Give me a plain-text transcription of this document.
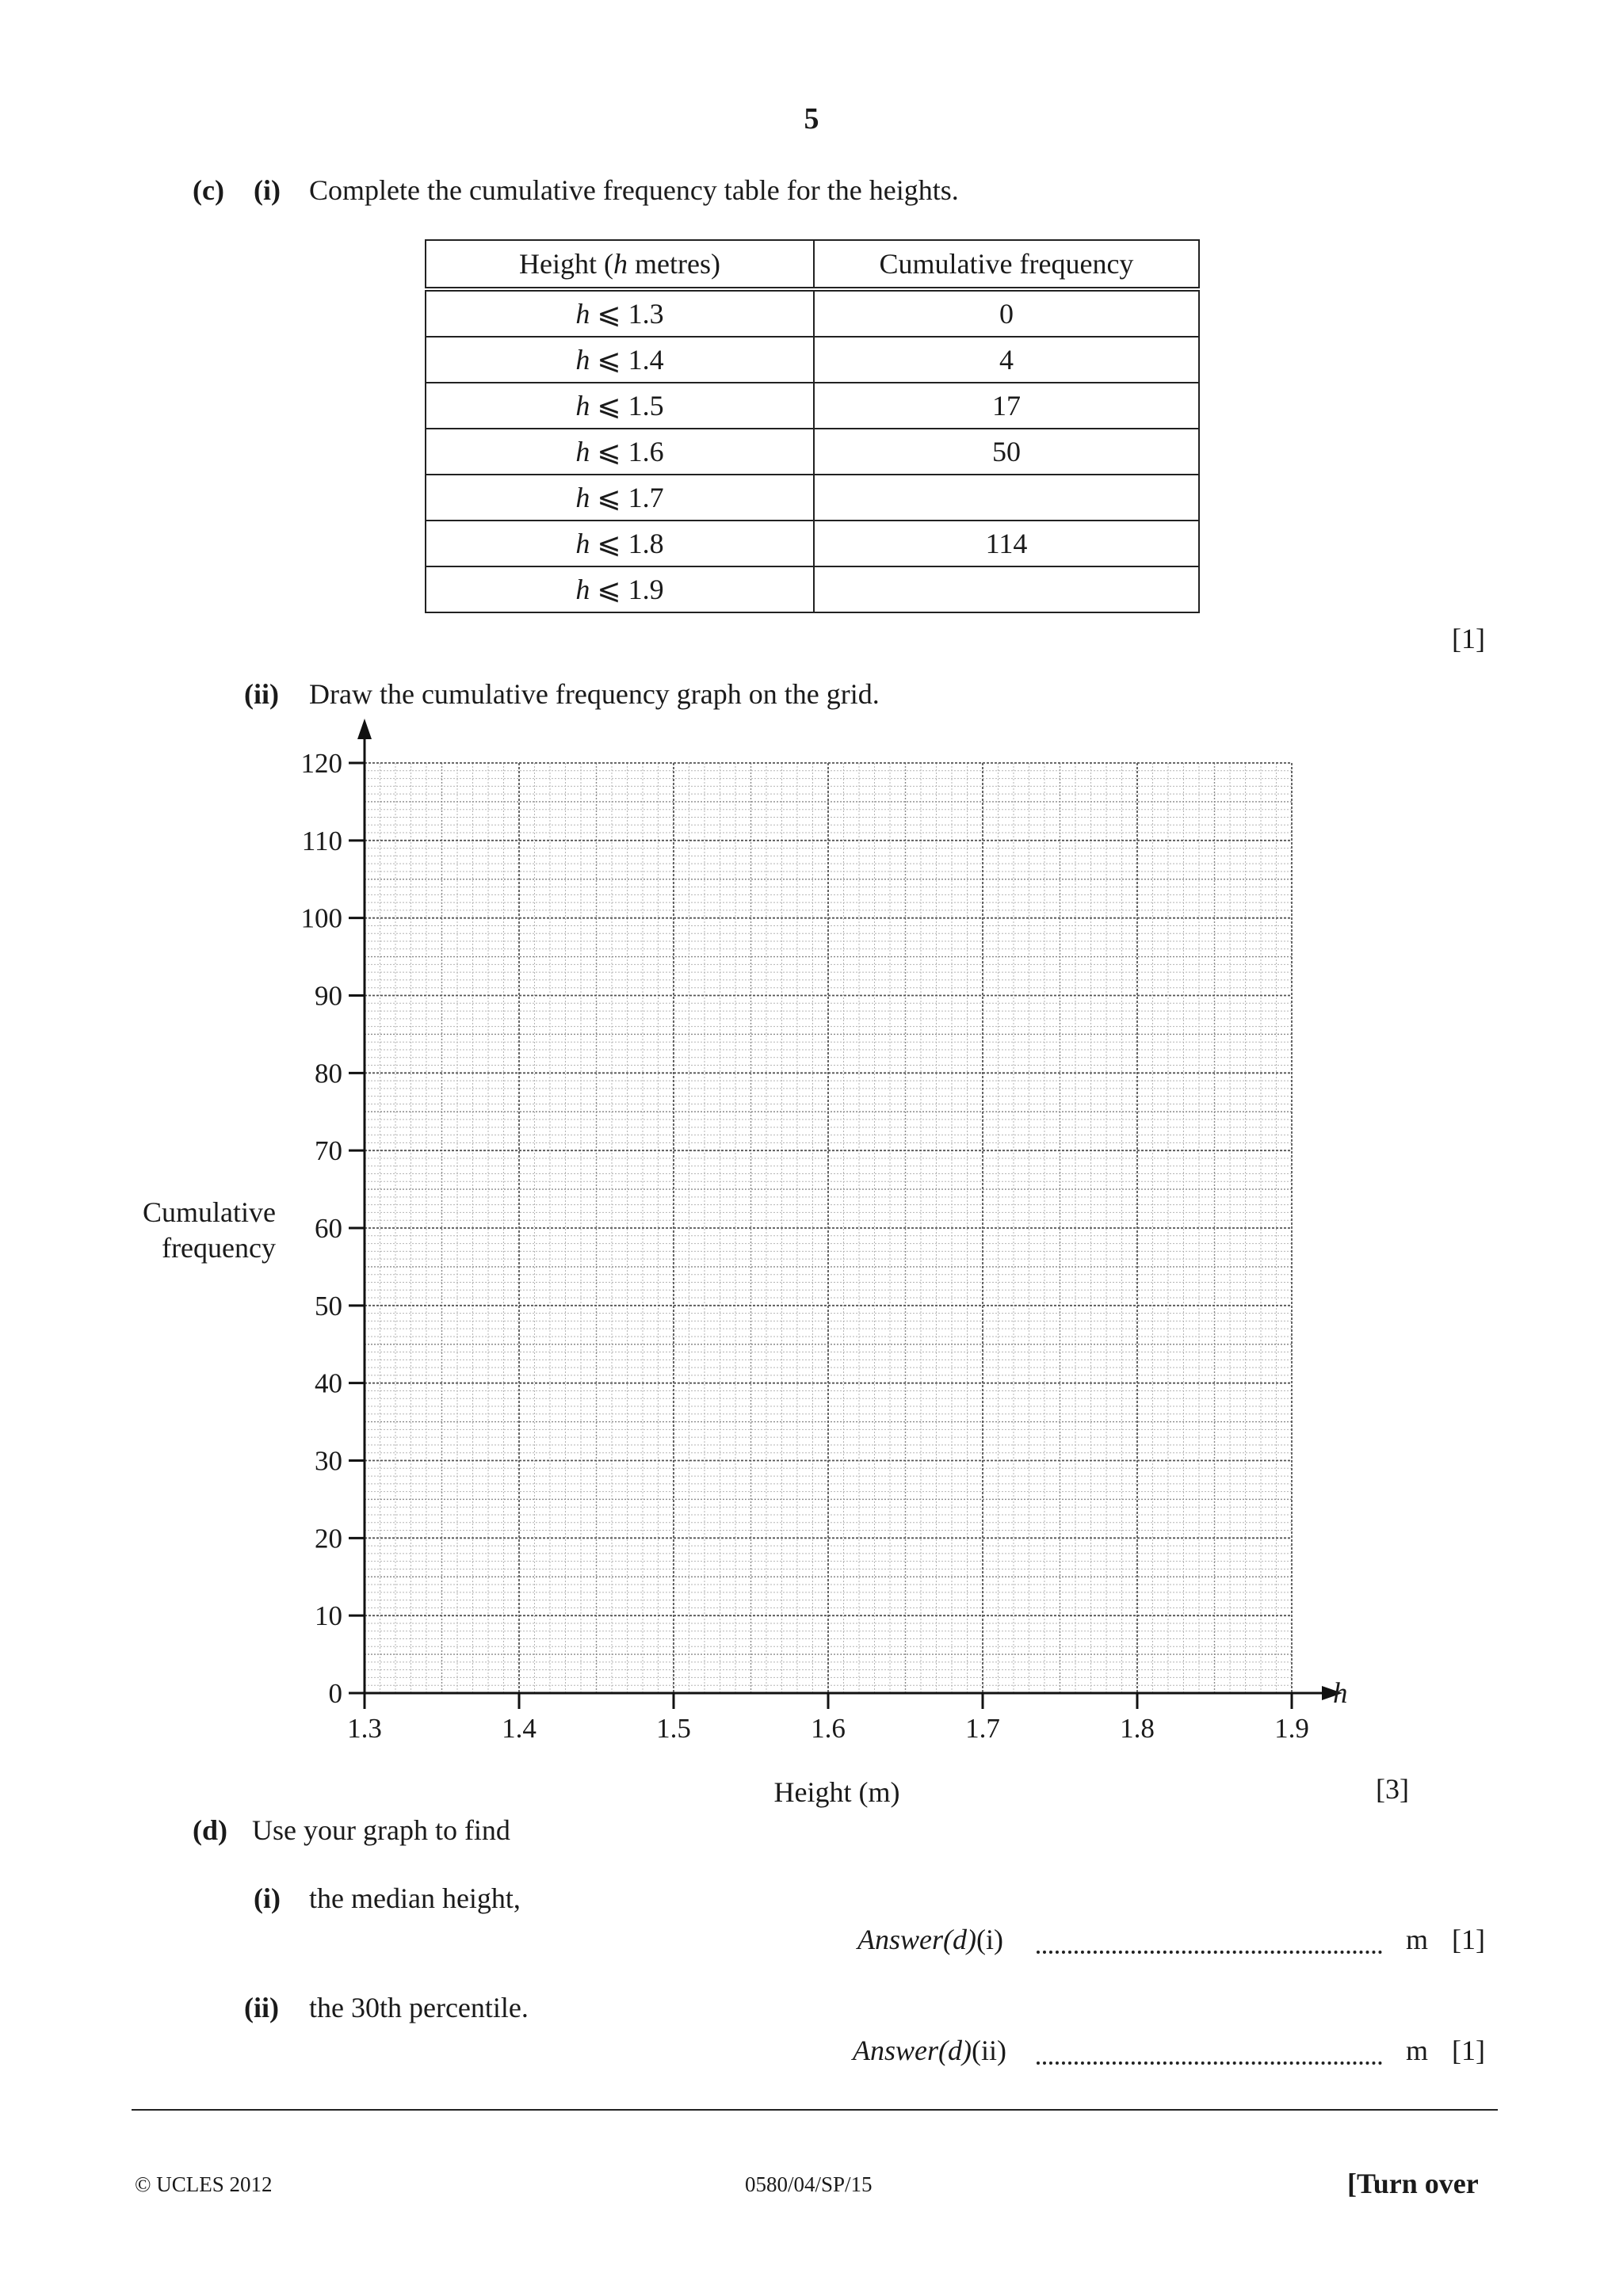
5
(c) (i) Complete the cumulative frequency table for the heights.
Height (h metres)	Cumulative frequency
h ⩽ 1.3	0
h ⩽ 1.4	4
h ⩽ 1.5	17
h ⩽ 1.6	50
h ⩽ 1.7	
h ⩽ 1.8	114
h ⩽ 1.9	
[1]
(ii) Draw the cumulative frequency graph on the grid.
0
10
20
30
40
50
60
70
80
90
100
110
120
1.3	1.4	1.5	1.6	1.7	1.8	1.9
h
Cumulative
frequency
Height (m)	[3]
(d) Use your graph to find
(i) the median height,
Answer(d)(i)	m [1]
(ii) the 30th percentile.
Answer(d)(ii)	m [1]
© UCLES 2012	0580/04/SP/15	[Turn over
